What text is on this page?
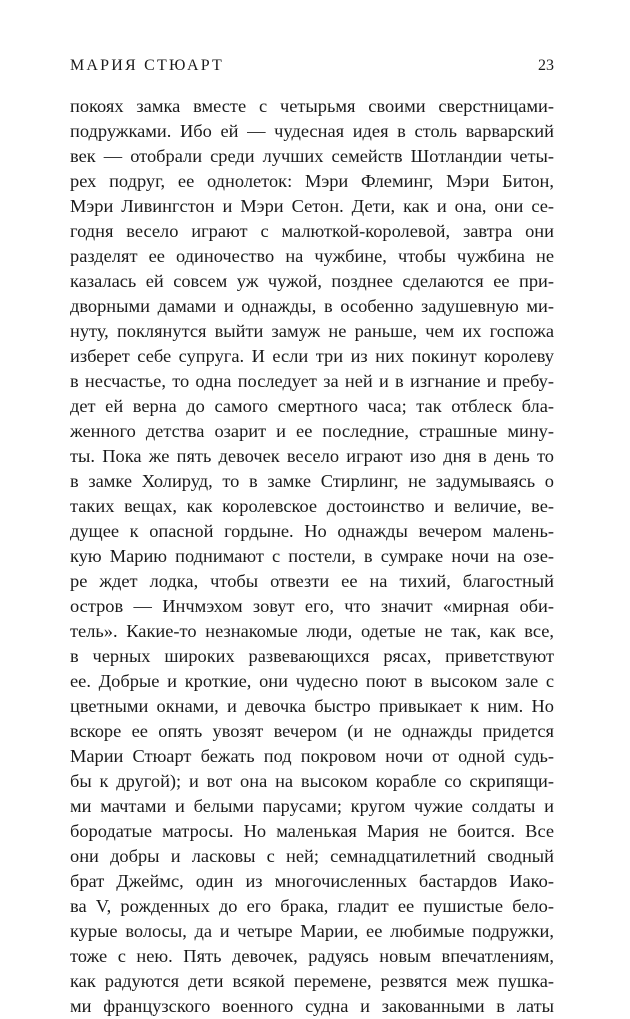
МАРИЯ СТЮАРТ	23
покоях замка вместе с четырьмя своими сверстницами-
подружками. Ибо ей — чудесная идея в столь варварский
век — отобрали среди лучших семейств Шотландии четы-
рех подруг, ее однолеток: Мэри Флеминг, Мэри Битон,
Мэри Ливингстон и Мэри Сетон. Дети, как и она, они се-
годня весело играют с малюткой-королевой, завтра они
разделят ее одиночество на чужбине, чтобы чужбина не
казалась ей совсем уж чужой, позднее сделаются ее при-
дворными дамами и однажды, в особенно задушевную ми-
нуту, поклянутся выйти замуж не раньше, чем их госпожа
изберет себе супруга. И если три из них покинут королеву
в несчастье, то одна последует за ней и в изгнание и пребу-
дет ей верна до самого смертного часа; так отблеск бла-
женного детства озарит и ее последние, страшные мину-
ты. Пока же пять девочек весело играют изо дня в день то
в замке Холируд, то в замке Стирлинг, не задумываясь о
таких вещах, как королевское достоинство и величие, ве-
дущее к опасной гордыне. Но однажды вечером малень-
кую Марию поднимают с постели, в сумраке ночи на озе-
ре ждет лодка, чтобы отвезти ее на тихий, благостный
остров — Инчмэхом зовут его, что значит «мирная оби-
тель». Какие-то незнакомые люди, одетые не так, как все,
в черных широких развевающихся рясах, приветствуют
ее. Добрые и кроткие, они чудесно поют в высоком зале с
цветными окнами, и девочка быстро привыкает к ним. Но
вскоре ее опять увозят вечером (и не однажды придется
Марии Стюарт бежать под покровом ночи от одной судь-
бы к другой); и вот она на высоком корабле со скрипящи-
ми мачтами и белыми парусами; кругом чужие солдаты и
бородатые матросы. Но маленькая Мария не боится. Все
они добры и ласковы с ней; семнадцатилетний сводный
брат Джеймс, один из многочисленных бастардов Иако-
ва V, рожденных до его брака, гладит ее пушистые бело-
курые волосы, да и четыре Марии, ее любимые подружки,
тоже с нею. Пять девочек, радуясь новым впечатлениям,
как радуются дети всякой перемене, резвятся меж пушка-
ми французского военного судна и закованными в латы
